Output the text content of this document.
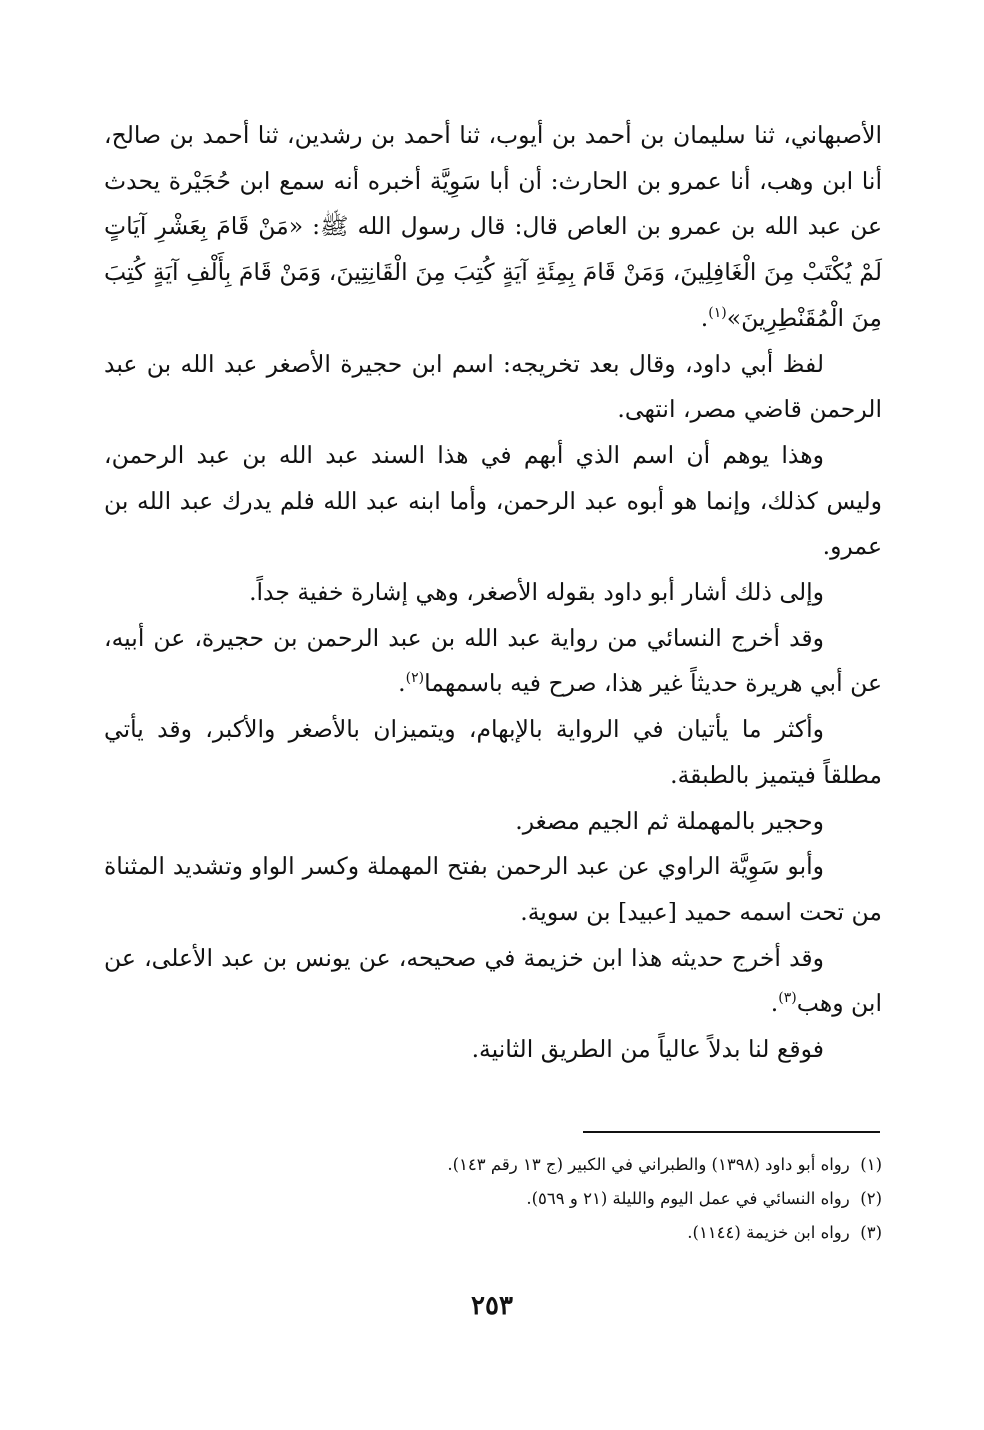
الأصبهاني، ثنا سليمان بن أحمد بن أيوب، ثنا أحمد بن رشدين، ثنا أحمد بن صالح، أنا ابن وهب، أنا عمرو بن الحارث: أن أبا سَوِيَّة أخبره أنه سمع ابن حُجَيْرة يحدث عن عبد الله بن عمرو بن العاص قال: قال رسول الله ﷺ: «مَنْ قَامَ بِعَشْرِ آيَاتٍ لَمْ يُكْتَبْ مِنَ الْغَافِلِينَ، وَمَنْ قَامَ بِمِئَةِ آيَةٍ كُتِبَ مِنَ الْقَانِتِينَ، وَمَنْ قَامَ بِأَلْفِ آيَةٍ كُتِبَ مِنَ الْمُقَنْطِرِينَ»$^{(١)}$.

لفظ أبي داود، وقال بعد تخريجه: اسم ابن حجيرة الأصغر عبد الله بن عبد الرحمن قاضي مصر، انتهى.

وهذا يوهم أن اسم الذي أبهم في هذا السند عبد الله بن عبد الرحمن، وليس كذلك، وإنما هو أبوه عبد الرحمن، وأما ابنه عبد الله فلم يدرك عبد الله بن عمرو.

وإلى ذلك أشار أبو داود بقوله الأصغر، وهي إشارة خفية جداً.

وقد أخرج النسائي من رواية عبد الله بن عبد الرحمن بن حجيرة، عن أبيه، عن أبي هريرة حديثاً غير هذا، صرح فيه باسمهما$^{(٢)}$.

وأكثر ما يأتيان في الرواية بالإبهام، ويتميزان بالأصغر والأكبر، وقد يأتي مطلقاً فيتميز بالطبقة.

وحجير بالمهملة ثم الجيم مصغر.

وأبو سَوِيَّة الراوي عن عبد الرحمن بفتح المهملة وكسر الواو وتشديد المثناة من تحت اسمه حميد [عبيد] بن سوية.

وقد أخرج حديثه هذا ابن خزيمة في صحيحه، عن يونس بن عبد الأعلى، عن ابن وهب$^{(٣)}$.

فوقع لنا بدلاً عالياً من الطريق الثانية.

(١)  رواه أبو داود (١٣٩٨) والطبراني في الكبير (ج ١٣ رقم ١٤٣).

(٢)  رواه النسائي في عمل اليوم والليلة (٢١ و ٥٦٩).

(٣)  رواه ابن خزيمة (١١٤٤).

٢٥٣
